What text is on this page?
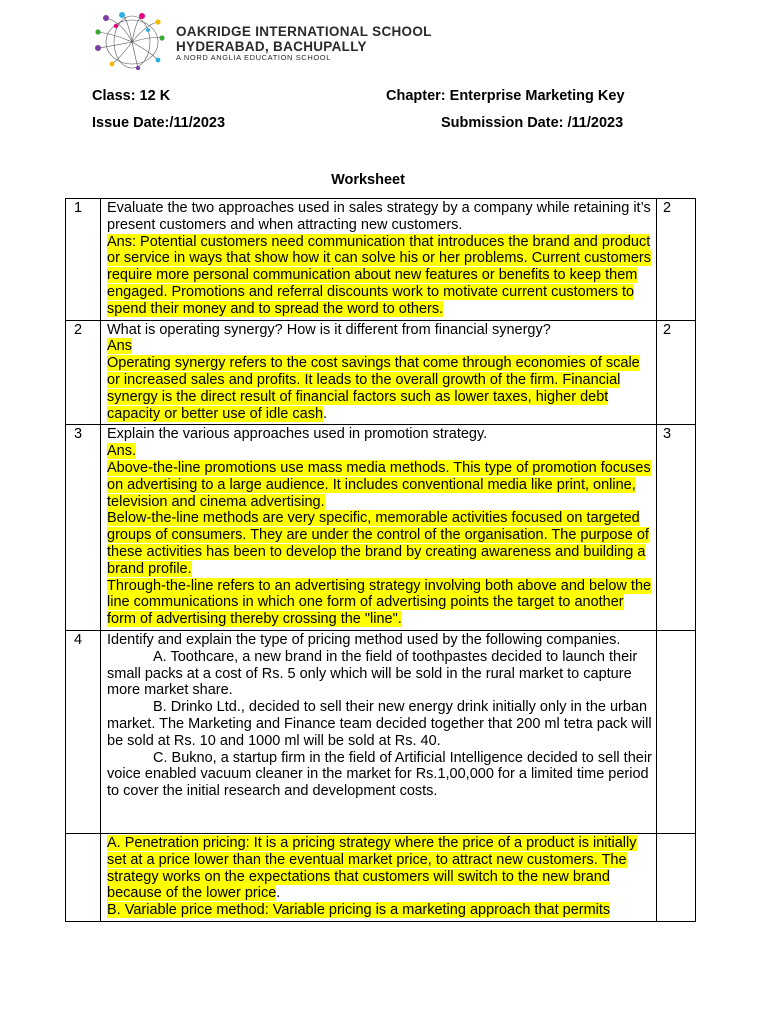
OAKRIDGE INTERNATIONAL SCHOOL
HYDERABAD, BACHUPALLY
A NORD ANGLIA EDUCATION SCHOOL
Class: 12 K	Chapter: Enterprise Marketing Key
Issue Date:/11/2023	Submission Date: /11/2023
Worksheet
1	Evaluate the two approaches used in sales strategy by a company while retaining it’s present customers and when attracting new customers.
Ans: Potential customers need communication that introduces the brand and product or service in ways that show how it can solve his or her problems. Current customers require more personal communication about new features or benefits to keep them engaged. Promotions and referral discounts work to motivate current customers to spend their money and to spread the word to others.	2
2	What is operating synergy? How is it different from financial synergy?
Ans
Operating synergy refers to the cost savings that come through economies of scale or increased sales and profits. It leads to the overall growth of the firm. Financial synergy is the direct result of financial factors such as lower taxes, higher debt capacity or better use of idle cash.	2
3	Explain the various approaches used in promotion strategy.
Ans.
Above-the-line promotions use mass media methods. This type of promotion focuses on advertising to a large audience. It includes conventional media like print, online, television and cinema advertising.
Below-the-line methods are very specific, memorable activities focused on targeted groups of consumers. They are under the control of the organisation. The purpose of these activities has been to develop the brand by creating awareness and building a brand profile.
Through-the-line refers to an advertising strategy involving both above and below the line communications in which one form of advertising points the target to another form of advertising thereby crossing the "line".	3
4	Identify and explain the type of pricing method used by the following companies.
A. Toothcare, a new brand in the field of toothpastes decided to launch their small packs at a cost of Rs. 5 only which will be sold in the rural market to capture more market share.
B. Drinko Ltd., decided to sell their new energy drink initially only in the urban market. The Marketing and Finance team decided together that 200 ml tetra pack will be sold at Rs. 10 and 1000 ml will be sold at Rs. 40.
C. Bukno, a startup firm in the field of Artificial Intelligence decided to sell their voice enabled vacuum cleaner in the market for Rs.1,00,000 for a limited time period to cover the initial research and development costs.	

	A. Penetration pricing: It is a pricing strategy where the price of a product is initially set at a price lower than the eventual market price, to attract new customers. The strategy works on the expectations that customers will switch to the new brand because of the lower price.
B. Variable price method: Variable pricing is a marketing approach that permits	
